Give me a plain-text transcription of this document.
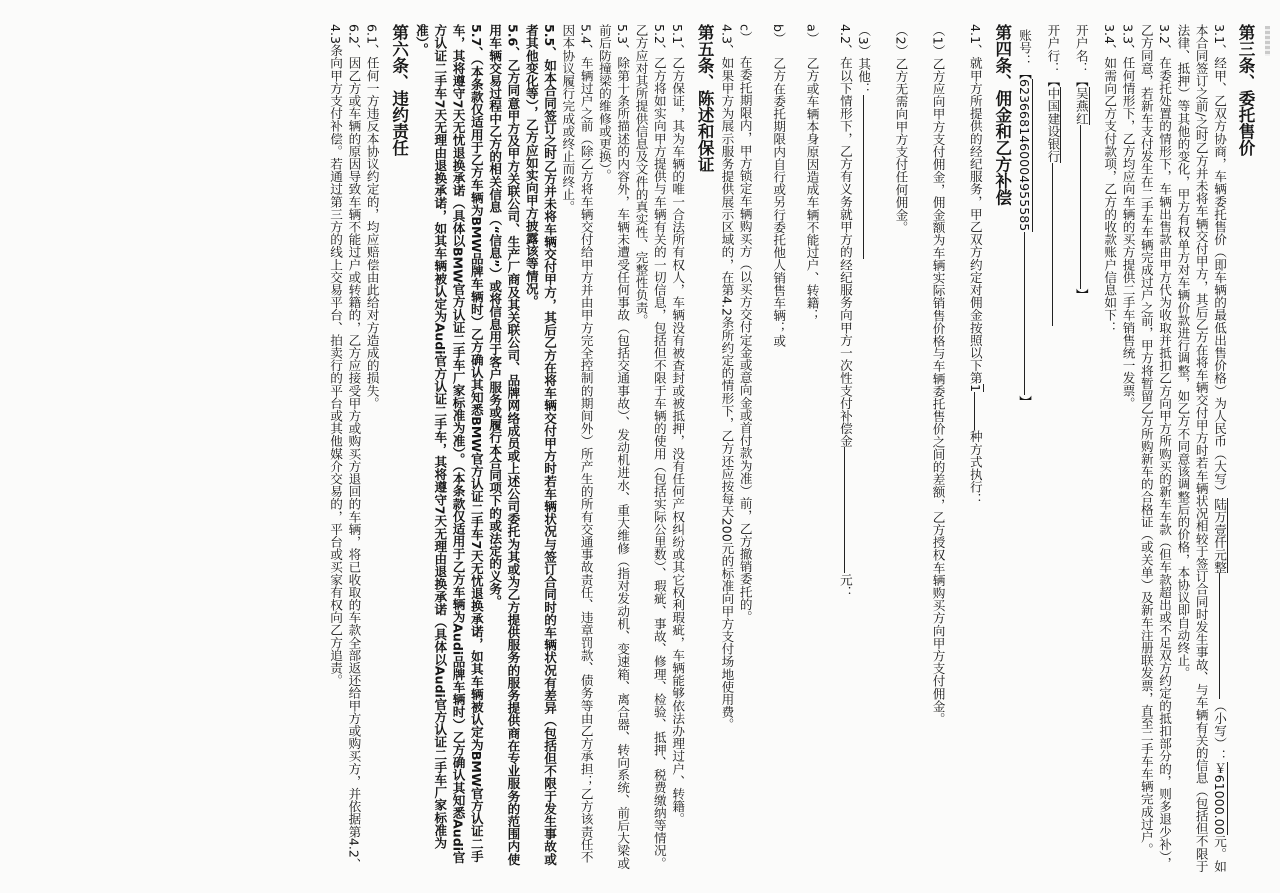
第三条、委托售价
3.1、经甲、乙双方协商，车辆委托售价（即车辆的最低出售价格）为人民币（大写）陆万壹仟元整（小写）：￥61000.00元。如本合同签订之前/之时乙方并未将车辆交付甲方，其后乙方在将车辆交付甲方时若车辆状况相较于签订合同时发生事故、与车辆有关的信息（包括但不限于法律、抵押）等其他的变化，甲方有权单方对车辆价款进行调整，如乙方不同意该调整后的价格，本协议即自动终止。
3.2、在委托处置的情形下，车辆出售款由甲方代为收取并抵扣乙方向甲方所购买的新车车款（但车款超出或不足双方约定的抵扣部分的，则多退少补），乙方同意，若新车支付发生在二手车车辆完成过户之前，甲方将暂留乙方所购新车的合格证（或关单）及新车注册联发票，直至二手车车辆完成过户。
3.3、任何情形下，乙方均应向车辆的买方提供二手车销售统一发票。
3.4、如需向乙方支付款项，乙方的收款账户信息如下：
开户名：【吴燕红】
开户行：【中国建设银行
账号：【6236681460004955585】
第四条、佣金和乙方补偿
4.1、就甲方所提供的经纪服务，甲乙双方约定对佣金按照以下第1种方式执行：
（1）乙方应向甲方支付佣金，佣金额为车辆实际销售价格与车辆委托售价之间的差额，乙方授权车辆购买方向甲方支付佣金。
（2）乙方无需向甲方支付任何佣金。
（3）其他：
4.2、在以下情形下，乙方有义务就甲方的经纪服务向甲方一次性支付补偿金元：
a）乙方或车辆本身原因造成车辆不能过户、转籍；
b）乙方在委托期限内自行或另行委托他人销售车辆；或
c）在委托期限内，甲方锁定车辆购买方（以买方交付定金或意向金或首付款为准）前，乙方撤销委托的。
4.3、如果甲方为展示服务提供展示区域的，在第4.2条所约定的情形下，乙方还应按每天200元的标准向甲方支付场地使用费。
第五条、陈述和保证
5.1、乙方保证，其为车辆的唯一合法所有权人，车辆没有被查封或被抵押，没有任何产权纠纷或其它权利瑕疵，车辆能够依法办理过户、转籍。
5.2、乙方将如实向甲方提供与车辆有关的一切信息，包括但不限于车辆的使用（包括实际公里数）、瑕疵、事故、修理、检验、抵押、税费缴纳等情况。乙方应对其所提供信息及文件的真实性、完整性负责。
5.3、除第十条所描述的内容外，车辆未遭受任何事故（包括交通事故）、发动机进水、重大维修（指对发动机、变速箱、离合器、转向系统、前后大梁或前后防撞梁的维修或更换）。
5.4、车辆过户之前（除乙方将车辆交付给甲方并由甲方完全控制的期间外）所产生的所有交通事故责任、违章罚款、债务等由乙方承担；乙方该责任不因本协议履行完成或终止而终止。
5.5、如本合同签订之时乙方并未将车辆交付甲方，其后乙方在将车辆交付甲方时若车辆状况与签订合同时的车辆状况有差异（包括但不限于发生事故或者其他变化等），乙方应如实向甲方披露该等情况。
5.6、乙方同意甲方及甲方关联公司、生产厂商及其关联公司、品牌网络成员或上述公司委托为其或为乙方提供服务的服务提供商在专业服务的范围内使用车辆交易过程中乙方的相关信息（“信息”）或将信息用于客户服务或履行本合同项下的或法定的义务。
5.7、（本条款仅适用于乙方车辆为BMW品牌车辆时）乙方确认其知悉BMW官方认证二手车7天无忧退换承诺，如其车辆被认定为BMW官方认证二手车，其将遵守7天无忧退换承诺（具体以BMW官方认证二手车厂家标准为准）。（本条款仅适用于乙方车辆为Audi品牌车辆时）乙方确认其知悉Audi官方认证二手车7天无理由退换承诺，如其车辆被认定为Audi官方认证二手车，其将遵守7天无理由退换承诺（具体以Audi官方认证二手车厂家标准为准）。
第六条、违约责任
6.1、任何一方违反本协议约定的，均应赔偿由此给对方造成的损失。
6.2、因乙方或车辆的原因导致车辆不能过户或转籍的，乙方应接受甲方或购买方退回的车辆，将已收取的车款全部返还给甲方或购买方，并依据第4.2、4.3条向甲方支付补偿。若通过第三方的线上交易平台、拍卖行的平台或其他媒介交易的，平台或买家有权向乙方追责。
